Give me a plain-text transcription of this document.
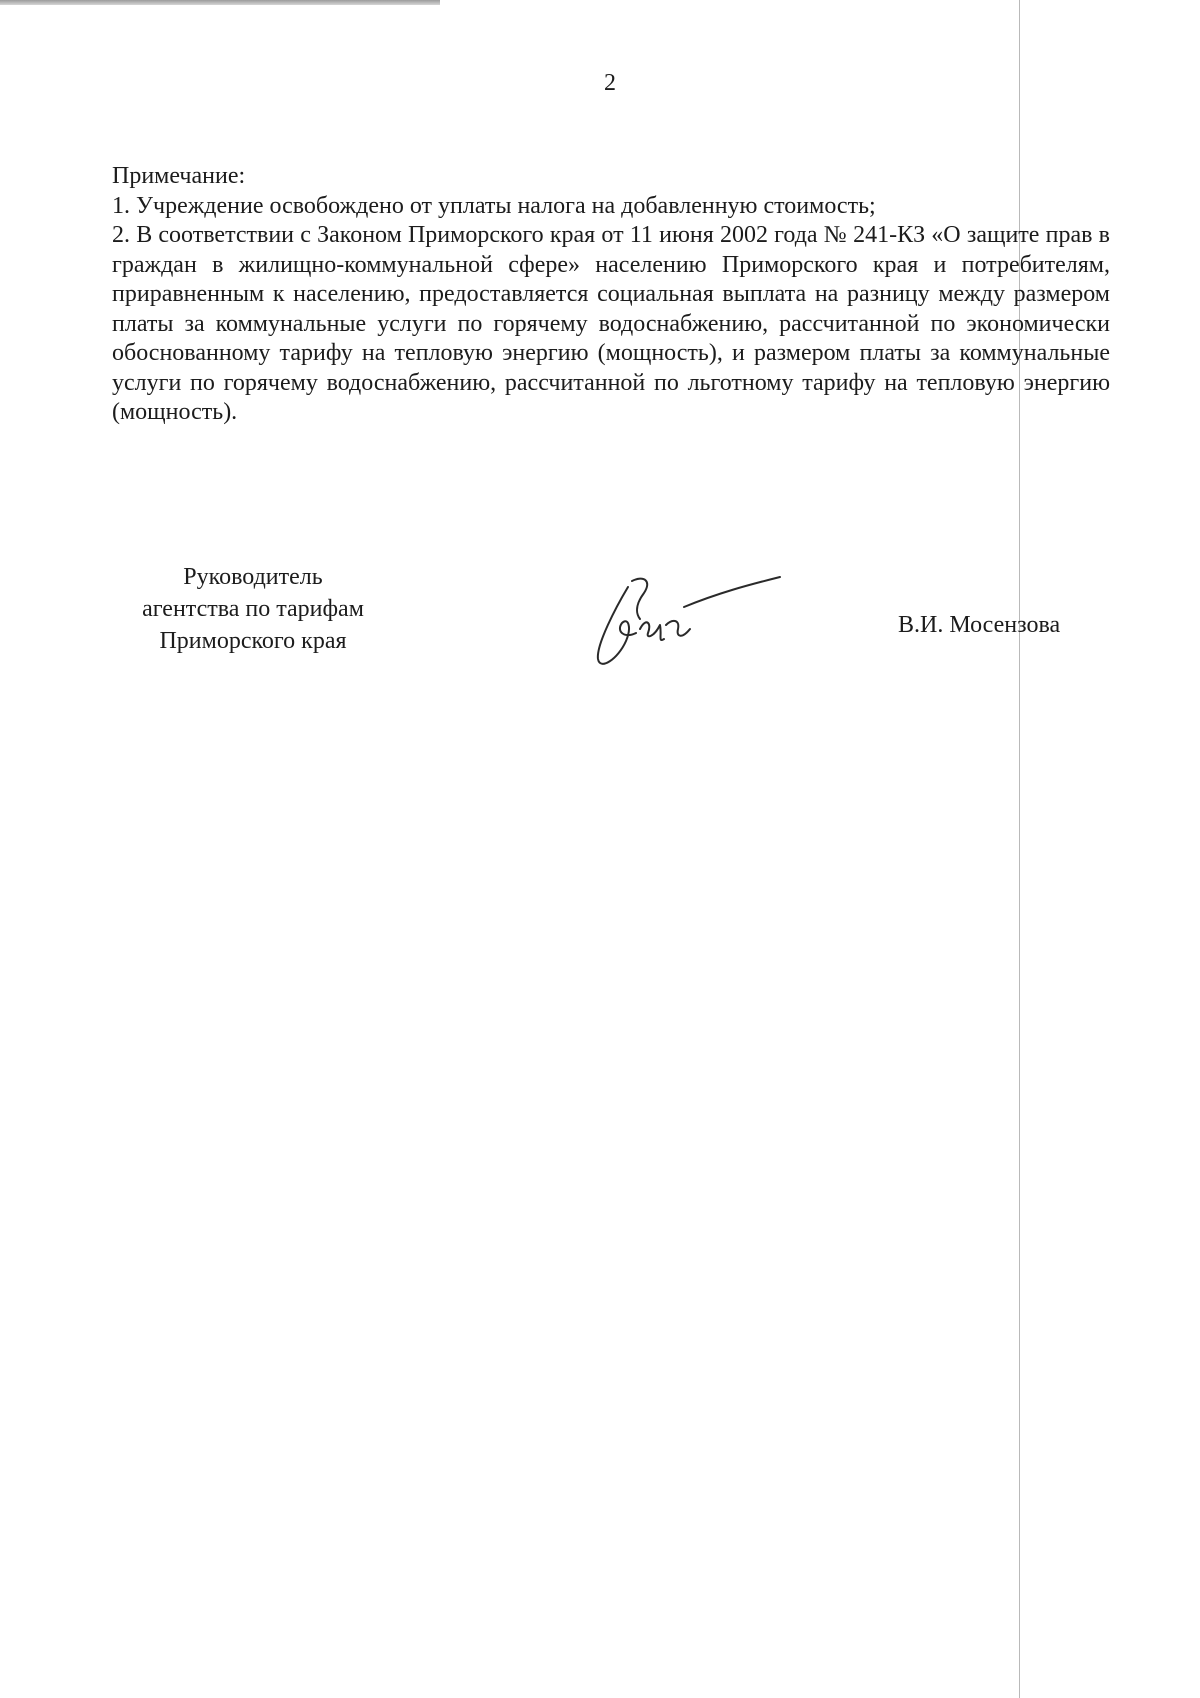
2

Примечание:

1. Учреждение освобождено от уплаты налога на добавленную стоимость;

2. В соответствии с Законом Приморского края от 11 июня 2002 года № 241-КЗ «О защите прав в граждан в жилищно-коммунальной сфере» населению Приморского края и потребителям, приравненным к населению, предоставляется социальная выплата на разницу между размером платы за коммунальные услуги по горячему водоснабжению, рассчитанной по экономически обоснованному тарифу на тепловую энергию (мощность), и размером платы за коммунальные услуги по горячему водоснабжению, рассчитанной по льготному тарифу на тепловую энергию (мощность).

Руководитель
агентства по тарифам
Приморского края
В.И. Мосензова
